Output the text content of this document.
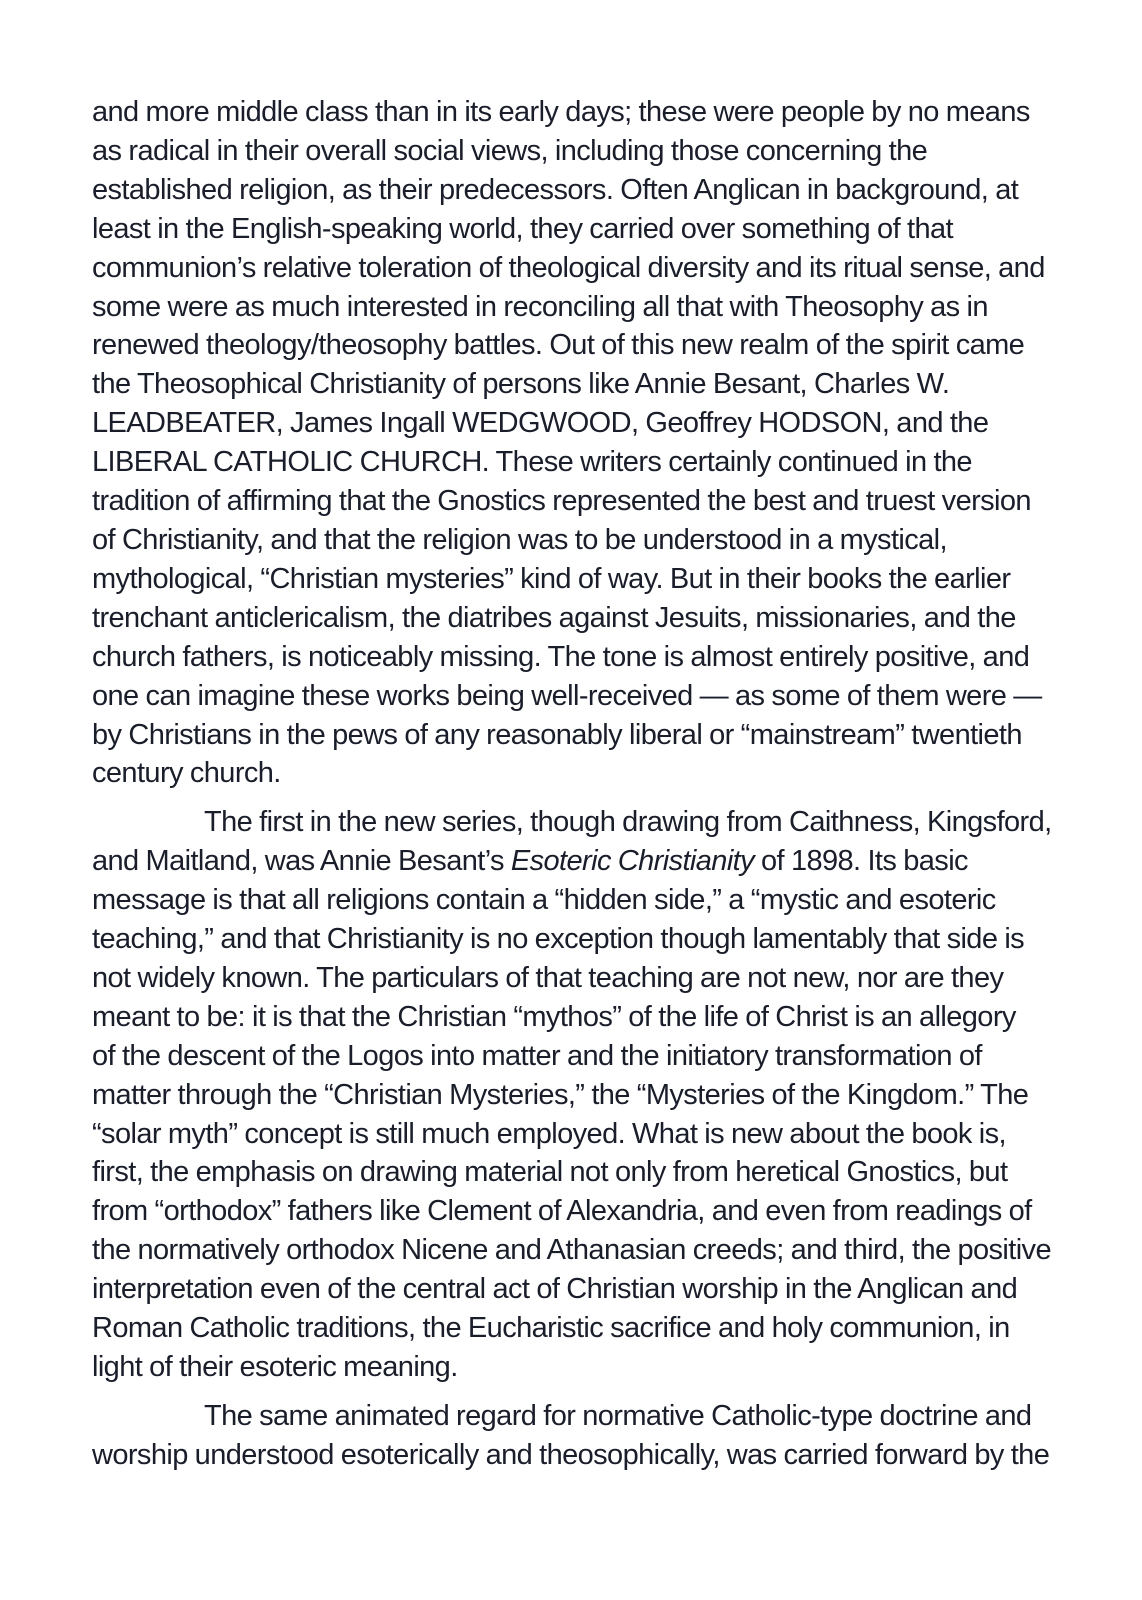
and more middle class than in its early days; these were people by no means
as radical in their overall social views, including those concerning the
established religion, as their predecessors. Often Anglican in background, at
least in the English-speaking world, they carried over something of that
communion’s relative toleration of theological diversity and its ritual sense, and
some were as much interested in reconciling all that with Theosophy as in
renewed theology/theosophy battles. Out of this new realm of the spirit came
the Theosophical Christianity of persons like Annie Besant, Charles W.
LEADBEATER, James Ingall WEDGWOOD, Geoffrey HODSON, and the
LIBERAL CATHOLIC CHURCH. These writers certainly continued in the
tradition of affirming that the Gnostics represented the best and truest version
of Christianity, and that the religion was to be understood in a mystical,
mythological, “Christian mysteries” kind of way. But in their books the earlier
trenchant anticlericalism, the diatribes against Jesuits, missionaries, and the
church fathers, is noticeably missing. The tone is almost entirely positive, and
one can imagine these works being well-received — as some of them were —
by Christians in the pews of any reasonably liberal or “mainstream” twentieth
century church.

The first in the new series, though drawing from Caithness, Kingsford,
and Maitland, was Annie Besant’s Esoteric Christianity of 1898. Its basic
message is that all religions contain a “hidden side,” a “mystic and esoteric
teaching,” and that Christianity is no exception though lamentably that side is
not widely known. The particulars of that teaching are not new, nor are they
meant to be: it is that the Christian “mythos” of the life of Christ is an allegory
of the descent of the Logos into matter and the initiatory transformation of
matter through the “Christian Mysteries,” the “Mysteries of the Kingdom.” The
“solar myth” concept is still much employed. What is new about the book is,
first, the emphasis on drawing material not only from heretical Gnostics, but
from “orthodox” fathers like Clement of Alexandria, and even from readings of
the normatively orthodox Nicene and Athanasian creeds; and third, the positive
interpretation even of the central act of Christian worship in the Anglican and
Roman Catholic traditions, the Eucharistic sacrifice and holy communion, in
light of their esoteric meaning.

The same animated regard for normative Catholic-type doctrine and
worship understood esoterically and theosophically, was carried forward by the
